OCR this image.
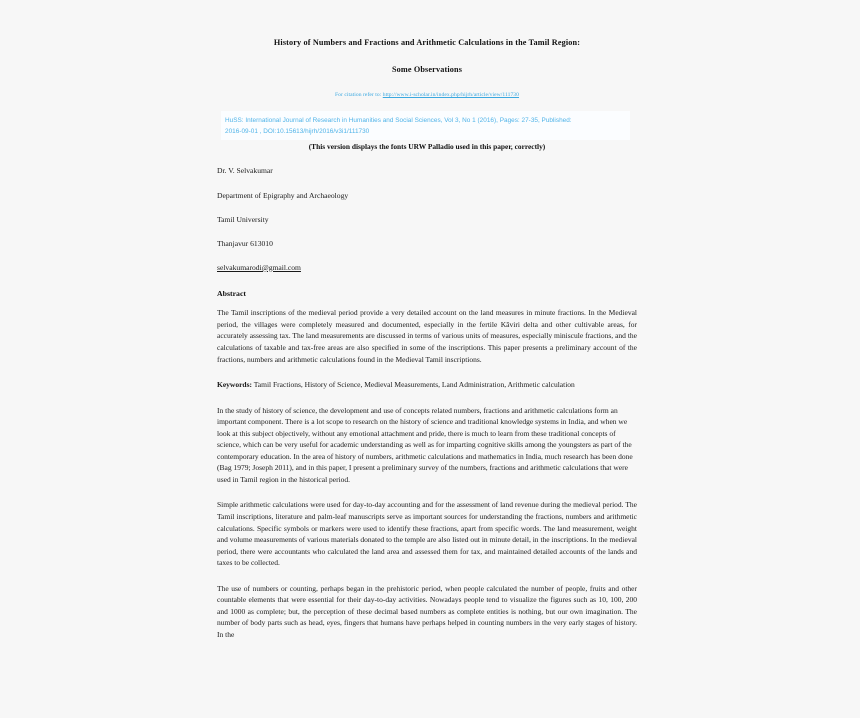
History of Numbers and Fractions and Arithmetic Calculations in the Tamil Region:
Some Observations
For citation refer to: http://www.i-scholar.in/index.php/hijrh/article/view/111730
HuSS: International Journal of Research in Humanities and Social Sciences, Vol 3, No 1 (2016), Pages: 27-35, Published:
2016-09-01 , DOI:10.15613/hijrh/2016/v3i1/111730
(This version displays the fonts URW Palladio used in this paper, correctly)
Dr. V. Selvakumar
Department of Epigraphy and Archaeology
Tamil University
Thanjavur 613010
selvakumarodi@gmail.com
Abstract
The Tamil inscriptions of the medieval period provide a very detailed account on the land measures in minute fractions. In the Medieval period, the villages were completely measured and documented, especially in the fertile Kāviri delta and other cultivable areas, for accurately assessing tax. The land measurements are discussed in terms of various units of measures, especially miniscule fractions, and the calculations of taxable and tax-free areas are also specified in some of the inscriptions. This paper presents a preliminary account of the fractions, numbers and arithmetic calculations found in the Medieval Tamil inscriptions.
Keywords: Tamil Fractions, History of Science, Medieval Measurements, Land Administration, Arithmetic calculation
In the study of history of science, the development and use of concepts related numbers, fractions and arithmetic calculations form an important component. There is a lot scope to research on the history of science and traditional knowledge systems in India, and when we look at this subject objectively, without any emotional attachment and pride, there is much to learn from these traditional concepts of science, which can be very useful for academic understanding as well as for imparting cognitive skills among the youngsters as part of the contemporary education. In the area of history of numbers, arithmetic calculations and mathematics in India, much research has been done (Bag 1979; Joseph 2011), and in this paper, I present a preliminary survey of the numbers, fractions and arithmetic calculations that were used in Tamil region in the historical period.
Simple arithmetic calculations were used for day-to-day accounting and for the assessment of land revenue during the medieval period. The Tamil inscriptions, literature and palm-leaf manuscripts serve as important sources for understanding the fractions, numbers and arithmetic calculations. Specific symbols or markers were used to identify these fractions, apart from specific words. The land measurement, weight and volume measurements of various materials donated to the temple are also listed out in minute detail, in the inscriptions. In the medieval period, there were accountants who calculated the land area and assessed them for tax, and maintained detailed accounts of the lands and taxes to be collected.
The use of numbers or counting, perhaps began in the prehistoric period, when people calculated the number of people, fruits and other countable elements that were essential for their day-to-day activities. Nowadays people tend to visualize the figures such as 10, 100, 200 and 1000 as complete; but, the perception of these decimal based numbers as complete entities is nothing, but our own imagination. The number of body parts such as head, eyes, fingers that humans have perhaps helped in counting numbers in the very early stages of history. In the
